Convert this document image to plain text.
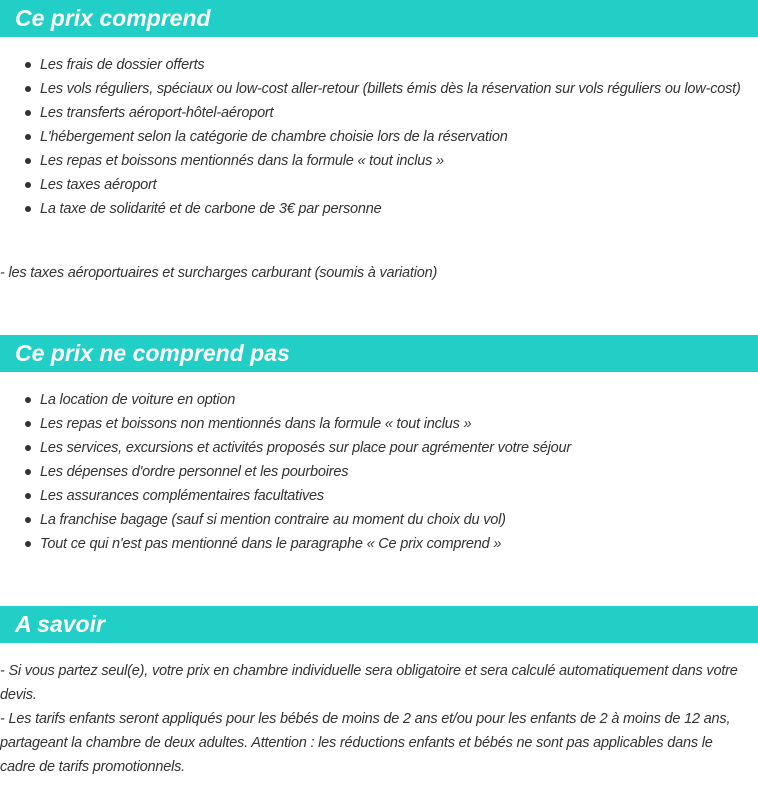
Ce prix comprend
Les frais de dossier offerts
Les vols réguliers, spéciaux ou low-cost aller-retour (billets émis dès la réservation sur vols réguliers ou low-cost)
Les transferts aéroport-hôtel-aéroport
L'hébergement selon la catégorie de chambre choisie lors de la réservation
Les repas et boissons mentionnés dans la formule « tout inclus »
Les taxes aéroport
La taxe de solidarité et de carbone de 3€ par personne

- les taxes aéroportuaires et surcharges carburant (soumis à variation)

Ce prix ne comprend pas
La location de voiture en option
Les repas et boissons non mentionnés dans la formule « tout inclus »
Les services, excursions et activités proposés sur place pour agrémenter votre séjour
Les dépenses d'ordre personnel et les pourboires
Les assurances complémentaires facultatives
La franchise bagage (sauf si mention contraire au moment du choix du vol)
Tout ce qui n'est pas mentionné dans le paragraphe « Ce prix comprend »
A savoir

- Si vous partez seul(e), votre prix en chambre individuelle sera obligatoire et sera calculé automatiquement dans votre devis.

- Les tarifs enfants seront appliqués pour les bébés de moins de 2 ans et/ou pour les enfants de 2 à moins de 12 ans, partageant la chambre de deux adultes. Attention : les réductions enfants et bébés ne sont pas applicables dans le cadre de tarifs promotionnels.
